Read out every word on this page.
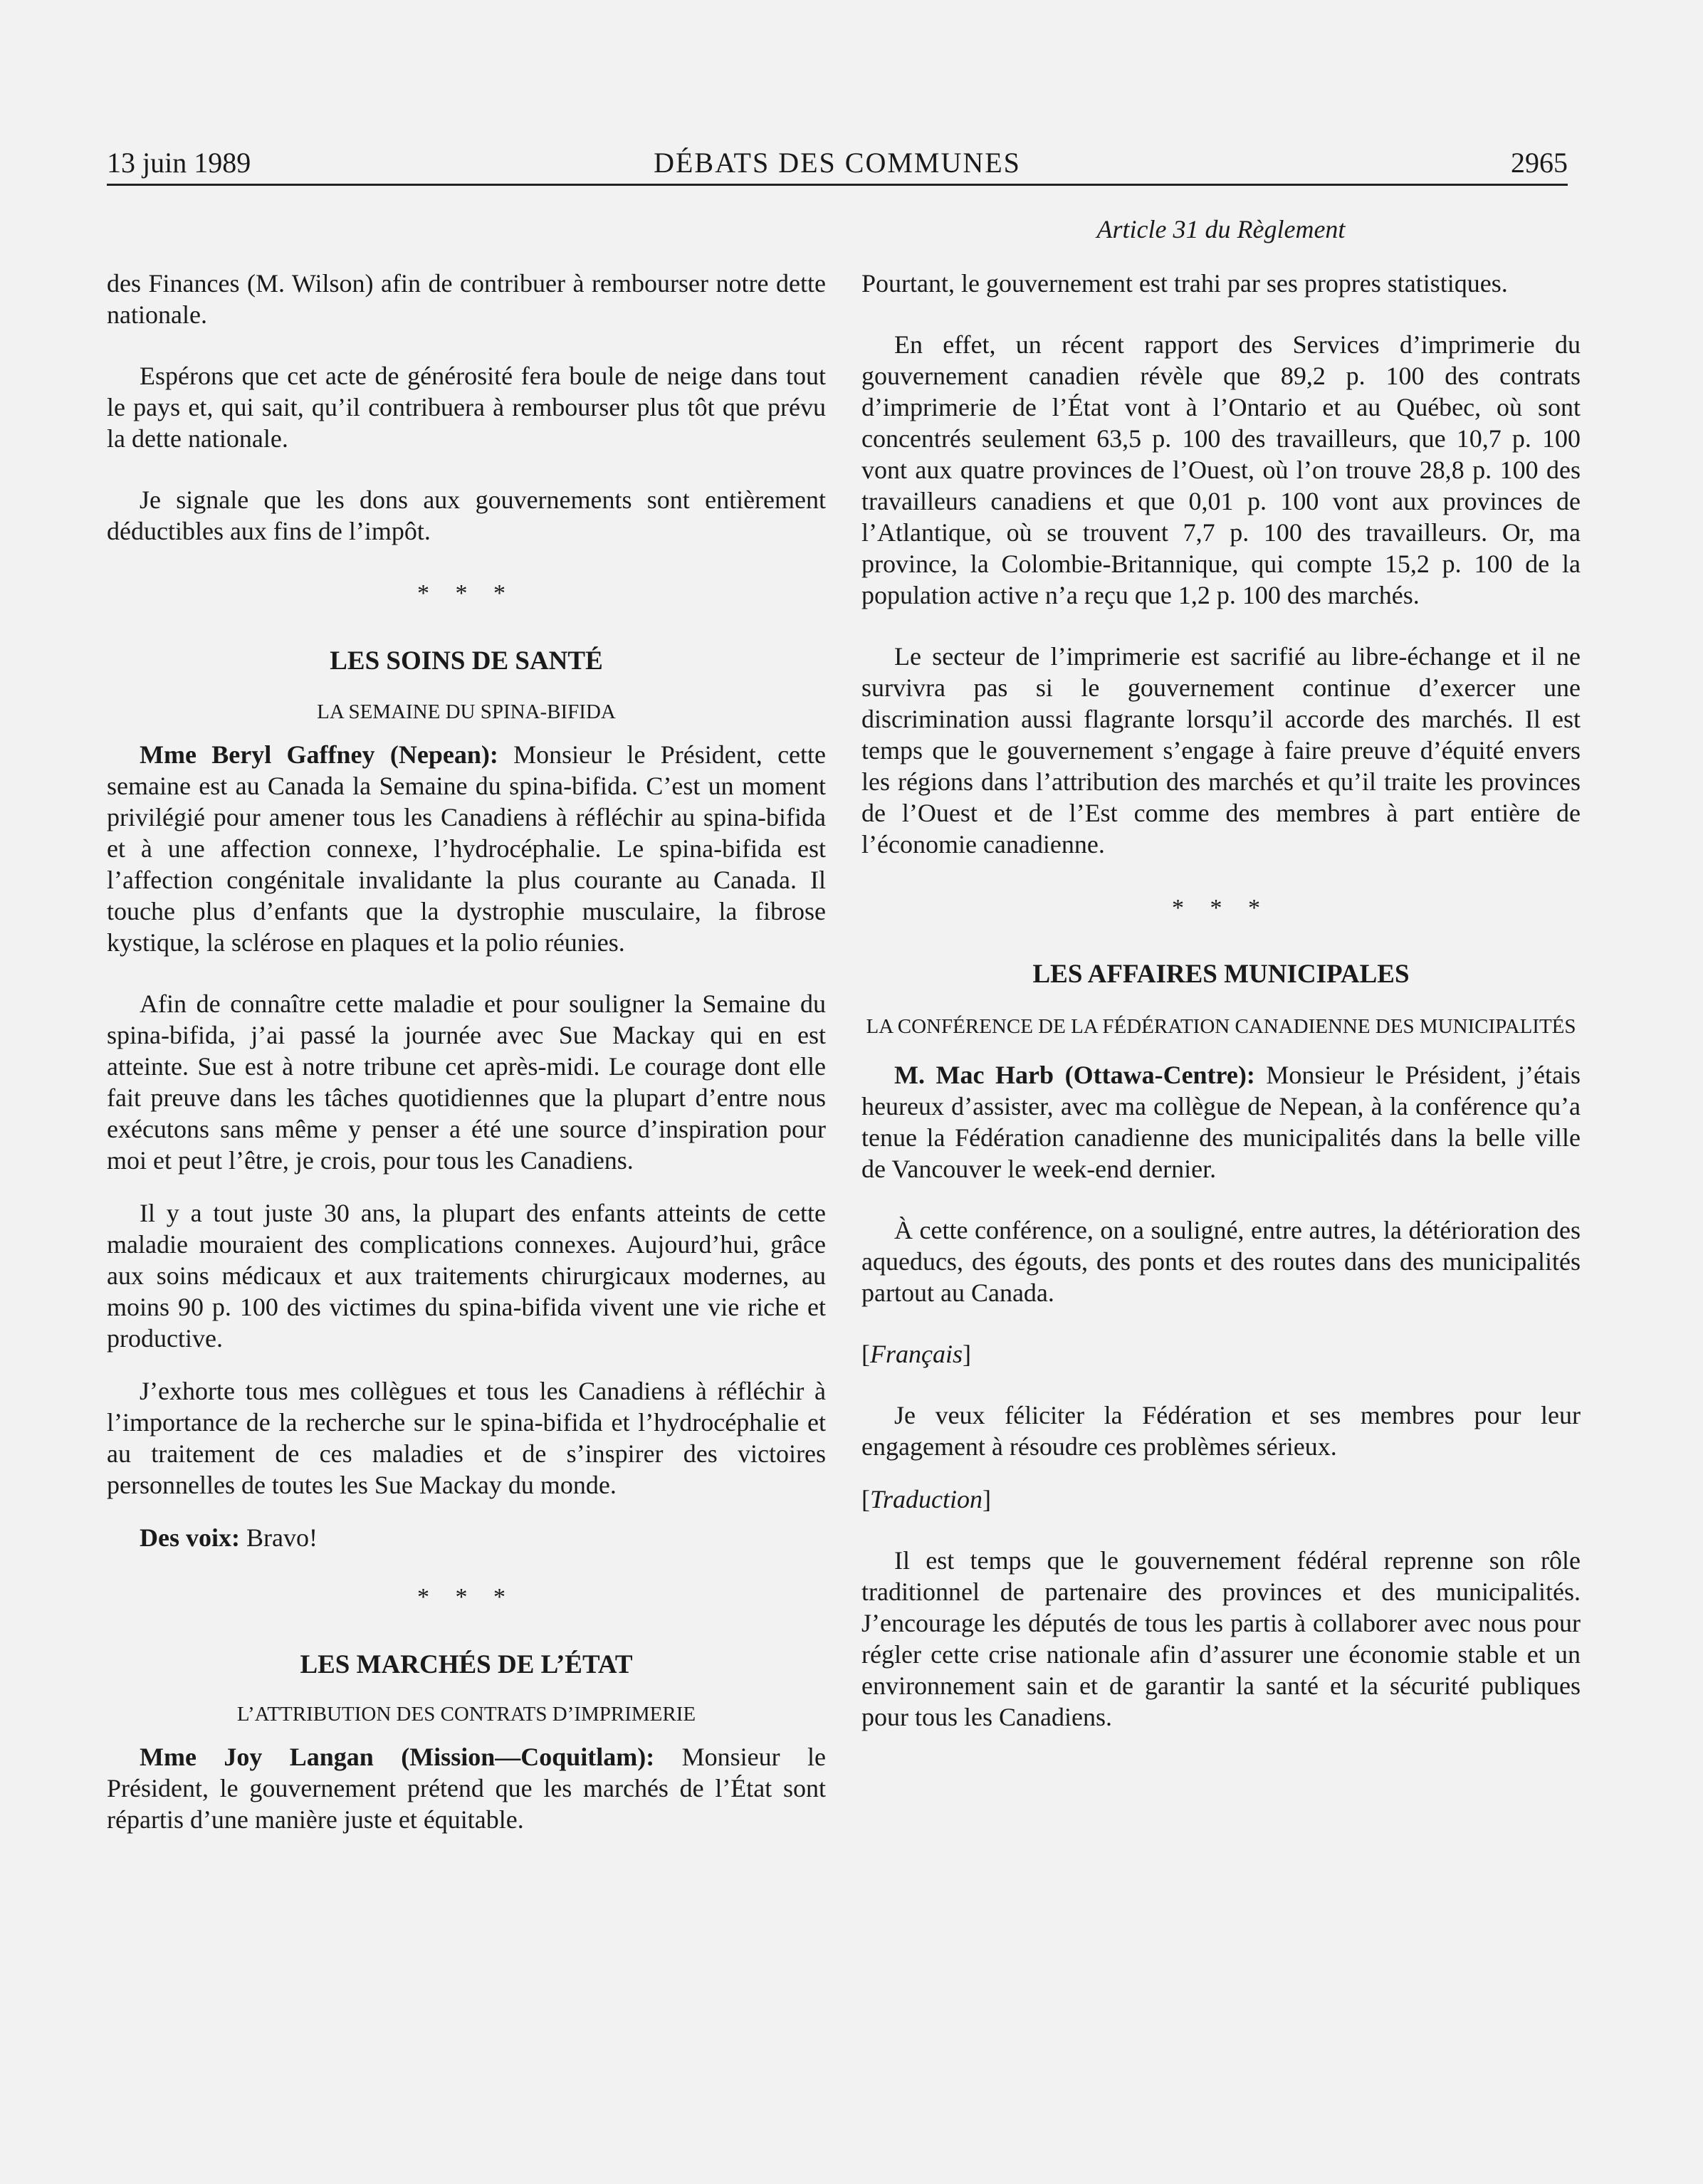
13 juin 1989	DÉBATS DES COMMUNES	2965

des Finances (M. Wilson) afin de contribuer à rembourser notre dette nationale.

Espérons que cet acte de générosité fera boule de neige dans tout le pays et, qui sait, qu’il contribuera à rembourser plus tôt que prévu la dette nationale.

Je signale que les dons aux gouvernements sont entièrement déductibles aux fins de l’impôt.

* * *
LES SOINS DE SANTÉ
LA SEMAINE DU SPINA-BIFIDA

Mme Beryl Gaffney (Nepean): Monsieur le Président, cette semaine est au Canada la Semaine du spina-bifida. C’est un moment privilégié pour amener tous les Canadiens à réfléchir au spina-bifida et à une affection connexe, l’hydrocéphalie. Le spina-bifida est l’affection congénitale invalidante la plus courante au Canada. Il touche plus d’enfants que la dystrophie musculaire, la fibrose kystique, la sclérose en plaques et la polio réunies.

Afin de connaître cette maladie et pour souligner la Semaine du spina-bifida, j’ai passé la journée avec Sue Mackay qui en est atteinte. Sue est à notre tribune cet après-midi. Le courage dont elle fait preuve dans les tâches quotidiennes que la plupart d’entre nous exécutons sans même y penser a été une source d’inspiration pour moi et peut l’être, je crois, pour tous les Canadiens.

Il y a tout juste 30 ans, la plupart des enfants atteints de cette maladie mouraient des complications connexes. Aujourd’hui, grâce aux soins médicaux et aux traitements chirurgicaux modernes, au moins 90 p. 100 des victimes du spina-bifida vivent une vie riche et productive.

J’exhorte tous mes collègues et tous les Canadiens à réfléchir à l’importance de la recherche sur le spina-bifida et l’hydrocéphalie et au traitement de ces maladies et de s’inspirer des victoires personnelles de toutes les Sue Mackay du monde.

Des voix: Bravo!

* * *
LES MARCHÉS DE L’ÉTAT
L’ATTRIBUTION DES CONTRATS D’IMPRIMERIE

Mme Joy Langan (Mission—Coquitlam): Monsieur le Président, le gouvernement prétend que les marchés de l’État sont répartis d’une manière juste et équitable.

Article 31 du Règlement

Pourtant, le gouvernement est trahi par ses propres statistiques.

En effet, un récent rapport des Services d’imprimerie du gouvernement canadien révèle que 89,2 p. 100 des contrats d’imprimerie de l’État vont à l’Ontario et au Québec, où sont concentrés seulement 63,5 p. 100 des travailleurs, que 10,7 p. 100 vont aux quatre provinces de l’Ouest, où l’on trouve 28,8 p. 100 des travailleurs canadiens et que 0,01 p. 100 vont aux provinces de l’Atlantique, où se trouvent 7,7 p. 100 des travailleurs. Or, ma province, la Colombie-Britannique, qui compte 15,2 p. 100 de la population active n’a reçu que 1,2 p. 100 des marchés.

Le secteur de l’imprimerie est sacrifié au libre-échange et il ne survivra pas si le gouvernement continue d’exercer une discrimination aussi flagrante lorsqu’il accorde des marchés. Il est temps que le gouvernement s’engage à faire preuve d’équité envers les régions dans l’attribution des marchés et qu’il traite les provinces de l’Ouest et de l’Est comme des membres à part entière de l’économie canadienne.

* * *
LES AFFAIRES MUNICIPALES
LA CONFÉRENCE DE LA FÉDÉRATION CANADIENNE DES MUNICIPALITÉS

M. Mac Harb (Ottawa-Centre): Monsieur le Président, j’étais heureux d’assister, avec ma collègue de Nepean, à la conférence qu’a tenue la Fédération canadienne des municipalités dans la belle ville de Vancouver le week-end dernier.

À cette conférence, on a souligné, entre autres, la détérioration des aqueducs, des égouts, des ponts et des routes dans des municipalités partout au Canada.

[Français]

Je veux féliciter la Fédération et ses membres pour leur engagement à résoudre ces problèmes sérieux.

[Traduction]

Il est temps que le gouvernement fédéral reprenne son rôle traditionnel de partenaire des provinces et des municipalités. J’encourage les députés de tous les partis à collaborer avec nous pour régler cette crise nationale afin d’assurer une économie stable et un environnement sain et de garantir la santé et la sécurité publiques pour tous les Canadiens.
